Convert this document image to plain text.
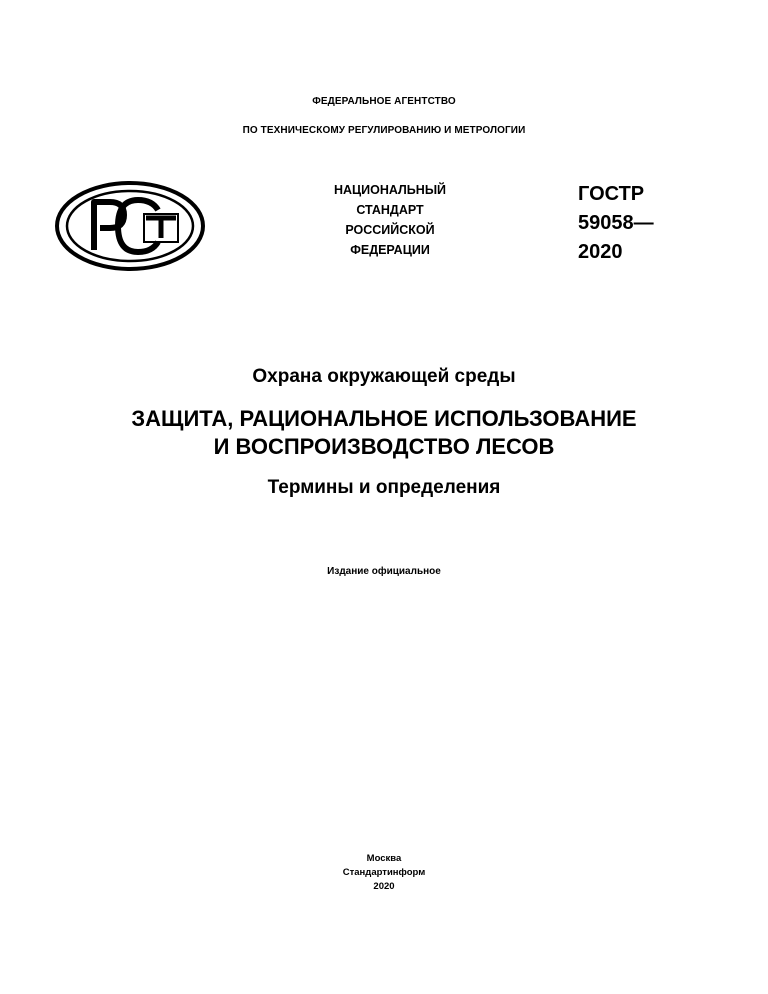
ФЕДЕРАЛЬНОЕ АГЕНТСТВО
ПО ТЕХНИЧЕСКОМУ РЕГУЛИРОВАНИЮ И МЕТРОЛОГИИ
НАЦИОНАЛЬНЫЙ
СТАНДАРТ
РОССИЙСКОЙ
ФЕДЕРАЦИИ
ГОСТР
59058—
2020
Охрана окружающей среды
ЗАЩИТА, РАЦИОНАЛЬНОЕ ИСПОЛЬЗОВАНИЕ
И ВОСПРОИЗВОДСТВО ЛЕСОВ
Термины и определения
Издание официальное
Москва
Стандартинформ
2020
